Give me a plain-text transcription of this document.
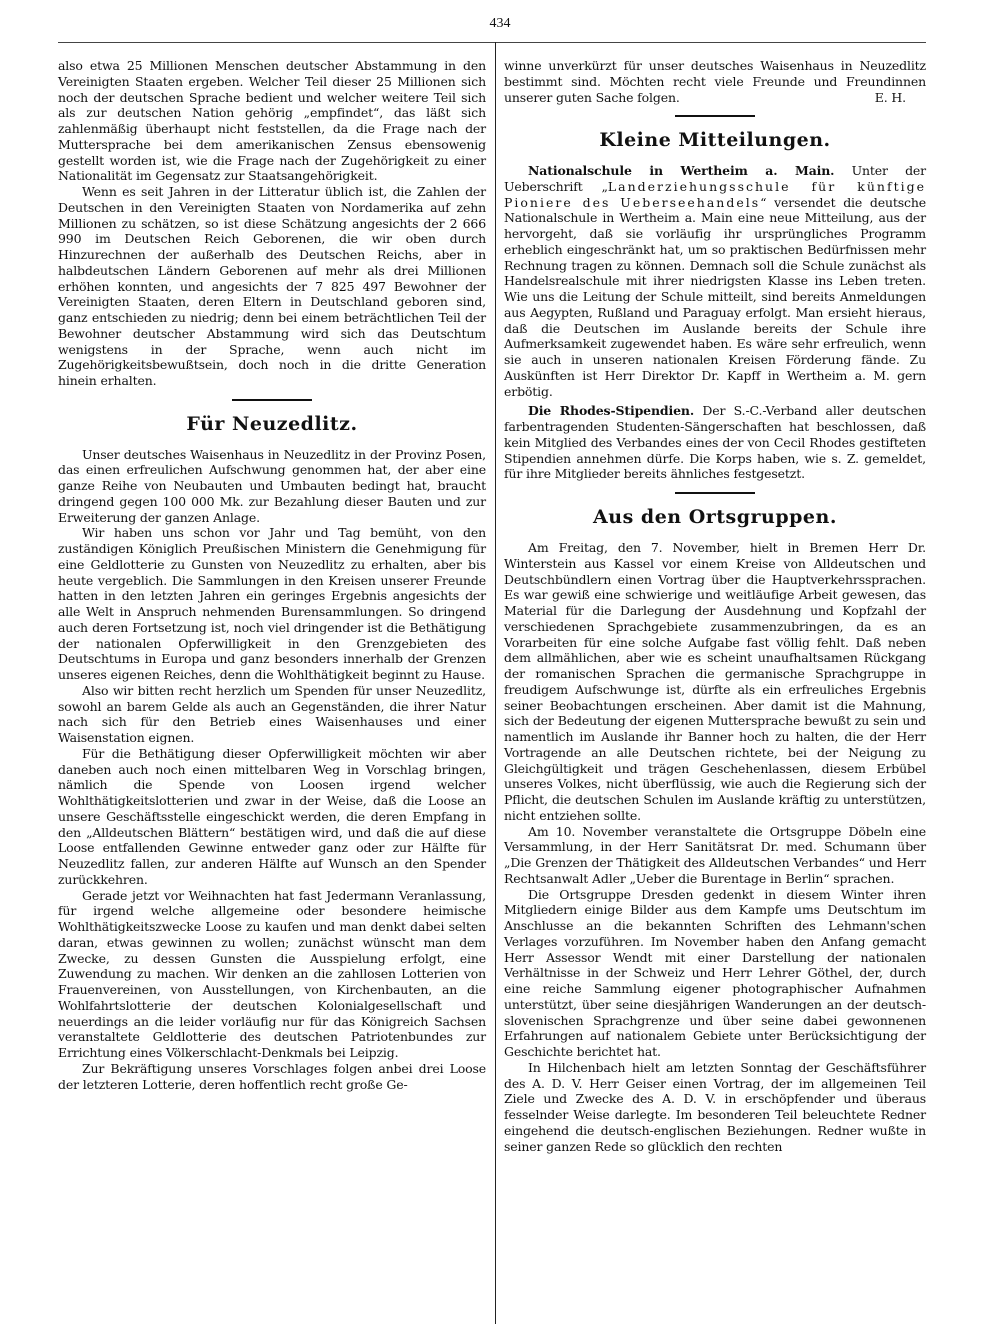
434

also etwa 25 Millionen Menschen deutscher Abstammung in den Vereinigten Staaten ergeben. Welcher Teil dieser 25 Millionen sich noch der deutschen Sprache bedient und welcher weitere Teil sich als zur deutschen Nation gehörig „empfindet“, das läßt sich zahlenmäßig überhaupt nicht feststellen, da die Frage nach der Muttersprache bei dem amerikanischen Zensus ebensowenig gestellt worden ist, wie die Frage nach der Zugehörigkeit zu einer Nationalität im Gegensatz zur Staatsangehörigkeit.

Wenn es seit Jahren in der Litteratur üblich ist, die Zahlen der Deutschen in den Vereinigten Staaten von Nordamerika auf zehn Millionen zu schätzen, so ist diese Schätzung angesichts der 2 666 990 im Deutschen Reich Geborenen, die wir oben durch Hinzurechnen der außerhalb des Deutschen Reichs, aber in halbdeutschen Ländern Geborenen auf mehr als drei Millionen erhöhen konnten, und angesichts der 7 825 497 Bewohner der Vereinigten Staaten, deren Eltern in Deutschland geboren sind, ganz entschieden zu niedrig; denn bei einem beträchtlichen Teil der Bewohner deutscher Abstammung wird sich das Deutschtum wenigstens in der Sprache, wenn auch nicht im Zugehörigkeitsbewußtsein, doch noch in die dritte Generation hinein erhalten.

Für Neuzedlitz.

Unser deutsches Waisenhaus in Neuzedlitz in der Provinz Posen, das einen erfreulichen Aufschwung genommen hat, der aber eine ganze Reihe von Neubauten und Umbauten bedingt hat, braucht dringend gegen 100 000 Mk. zur Bezahlung dieser Bauten und zur Erweiterung der ganzen Anlage.

Wir haben uns schon vor Jahr und Tag bemüht, von den zuständigen Königlich Preußischen Ministern die Genehmigung für eine Geldlotterie zu Gunsten von Neuzedlitz zu erhalten, aber bis heute vergeblich. Die Sammlungen in den Kreisen unserer Freunde hatten in den letzten Jahren ein geringes Ergebnis angesichts der alle Welt in Anspruch nehmenden Burensammlungen. So dringend auch deren Fortsetzung ist, noch viel dringender ist die Bethätigung der nationalen Opferwilligkeit in den Grenzgebieten des Deutschtums in Europa und ganz besonders innerhalb der Grenzen unseres eigenen Reiches, denn die Wohlthätigkeit beginnt zu Hause.

Also wir bitten recht herzlich um Spenden für unser Neuzedlitz, sowohl an barem Gelde als auch an Gegenständen, die ihrer Natur nach sich für den Betrieb eines Waisenhauses und einer Waisenstation eignen.

Für die Bethätigung dieser Opferwilligkeit möchten wir aber daneben auch noch einen mittelbaren Weg in Vorschlag bringen, nämlich die Spende von Loosen irgend welcher Wohlthätigkeitslotterien und zwar in der Weise, daß die Loose an unsere Geschäftsstelle eingeschickt werden, die deren Empfang in den „Alldeutschen Blättern“ bestätigen wird, und daß die auf diese Loose entfallenden Gewinne entweder ganz oder zur Hälfte für Neuzedlitz fallen, zur anderen Hälfte auf Wunsch an den Spender zurückkehren.

Gerade jetzt vor Weihnachten hat fast Jedermann Veranlassung, für irgend welche allgemeine oder besondere heimische Wohlthätigkeitszwecke Loose zu kaufen und man denkt dabei selten daran, etwas gewinnen zu wollen; zunächst wünscht man dem Zwecke, zu dessen Gunsten die Ausspielung erfolgt, eine Zuwendung zu machen. Wir denken an die zahllosen Lotterien von Frauenvereinen, von Ausstellungen, von Kirchenbauten, an die Wohlfahrtslotterie der deutschen Kolonialgesellschaft und neuerdings an die leider vorläufig nur für das Königreich Sachsen veranstaltete Geldlotterie des deutschen Patriotenbundes zur Errichtung eines Völkerschlacht-Denkmals bei Leipzig.

Zur Bekräftigung unseres Vorschlages folgen anbei drei Loose der letzteren Lotterie, deren hoffentlich recht große Ge-

winne unverkürzt für unser deutsches Waisenhaus in Neuzedlitz bestimmt sind. Möchten recht viele Freunde und Freundinnen unserer guten Sache folgen.	E. H.

Kleine Mitteilungen.

Nationalschule in Wertheim a. Main. Unter der Ueberschrift „Landerziehungsschule für künftige Pioniere des Ueberseehandels“ versendet die deutsche Nationalschule in Wertheim a. Main eine neue Mitteilung, aus der hervorgeht, daß sie vorläufig ihr ursprüngliches Programm erheblich eingeschränkt hat, um so praktischen Bedürfnissen mehr Rechnung tragen zu können. Demnach soll die Schule zunächst als Handelsrealschule mit ihrer niedrigsten Klasse ins Leben treten. Wie uns die Leitung der Schule mitteilt, sind bereits Anmeldungen aus Aegypten, Rußland und Paraguay erfolgt. Man ersieht hieraus, daß die Deutschen im Auslande bereits der Schule ihre Aufmerksamkeit zugewendet haben. Es wäre sehr erfreulich, wenn sie auch in unseren nationalen Kreisen Förderung fände. Zu Auskünften ist Herr Direktor Dr. Kapff in Wertheim a. M. gern erbötig.

Die Rhodes-Stipendien. Der S.-C.-Verband aller deutschen farbentragenden Studenten-Sängerschaften hat beschlossen, daß kein Mitglied des Verbandes eines der von Cecil Rhodes gestifteten Stipendien annehmen dürfe. Die Korps haben, wie s. Z. gemeldet, für ihre Mitglieder bereits ähnliches festgesetzt.

Aus den Ortsgruppen.

Am Freitag, den 7. November, hielt in Bremen Herr Dr. Winterstein aus Kassel vor einem Kreise von Alldeutschen und Deutschbündlern einen Vortrag über die Hauptverkehrssprachen. Es war gewiß eine schwierige und weitläufige Arbeit gewesen, das Material für die Darlegung der Ausdehnung und Kopfzahl der verschiedenen Sprachgebiete zusammenzubringen, da es an Vorarbeiten für eine solche Aufgabe fast völlig fehlt. Daß neben dem allmählichen, aber wie es scheint unaufhaltsamen Rückgang der romanischen Sprachen die germanische Sprachgruppe in freudigem Aufschwunge ist, dürfte als ein erfreuliches Ergebnis seiner Beobachtungen erscheinen. Aber damit ist die Mahnung, sich der Bedeutung der eigenen Muttersprache bewußt zu sein und namentlich im Auslande ihr Banner hoch zu halten, die der Herr Vortragende an alle Deutschen richtete, bei der Neigung zu Gleichgültigkeit und trägen Geschehenlassen, diesem Erbübel unseres Volkes, nicht überflüssig, wie auch die Regierung sich der Pflicht, die deutschen Schulen im Auslande kräftig zu unterstützen, nicht entziehen sollte.

Am 10. November veranstaltete die Ortsgruppe Döbeln eine Versammlung, in der Herr Sanitätsrat Dr. med. Schumann über „Die Grenzen der Thätigkeit des Alldeutschen Verbandes“ und Herr Rechtsanwalt Adler „Ueber die Burentage in Berlin“ sprachen.

Die Ortsgruppe Dresden gedenkt in diesem Winter ihren Mitgliedern einige Bilder aus dem Kampfe ums Deutschtum im Anschlusse an die bekannten Schriften des Lehmann'schen Verlages vorzuführen. Im November haben den Anfang gemacht Herr Assessor Wendt mit einer Darstellung der nationalen Verhältnisse in der Schweiz und Herr Lehrer Göthel, der, durch eine reiche Sammlung eigener photographischer Aufnahmen unterstützt, über seine diesjährigen Wanderungen an der deutsch-slovenischen Sprachgrenze und über seine dabei gewonnenen Erfahrungen auf nationalem Gebiete unter Berücksichtigung der Geschichte berichtet hat.

In Hilchenbach hielt am letzten Sonntag der Geschäftsführer des A. D. V. Herr Geiser einen Vortrag, der im allgemeinen Teil Ziele und Zwecke des A. D. V. in erschöpfender und überaus fesselnder Weise darlegte. Im besonderen Teil beleuchtete Redner eingehend die deutsch-englischen Beziehungen. Redner wußte in seiner ganzen Rede so glücklich den rechten
